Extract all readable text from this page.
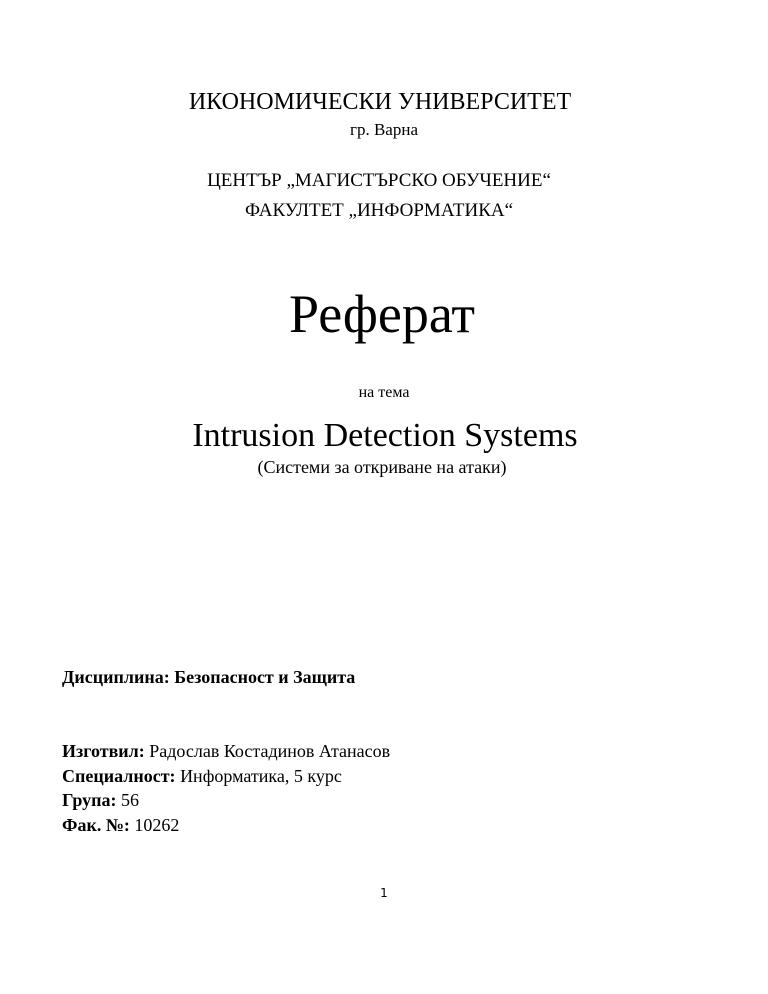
ИКОНОМИЧЕСКИ УНИВЕРСИТЕТ
гр. Варна
ЦЕНТЪР „МАГИСТЪРСКО ОБУЧЕНИЕ“
ФАКУЛТЕТ „ИНФОРМАТИКА“
Реферат
на тема
Intrusion Detection Systems
(Системи за откриване на атаки)
Дисциплина: Безопасност и Защита
Изготвил: Радослав Костадинов Атанасов
Специалност: Информатика, 5 курс
Група: 56
Фак. №: 10262
1
